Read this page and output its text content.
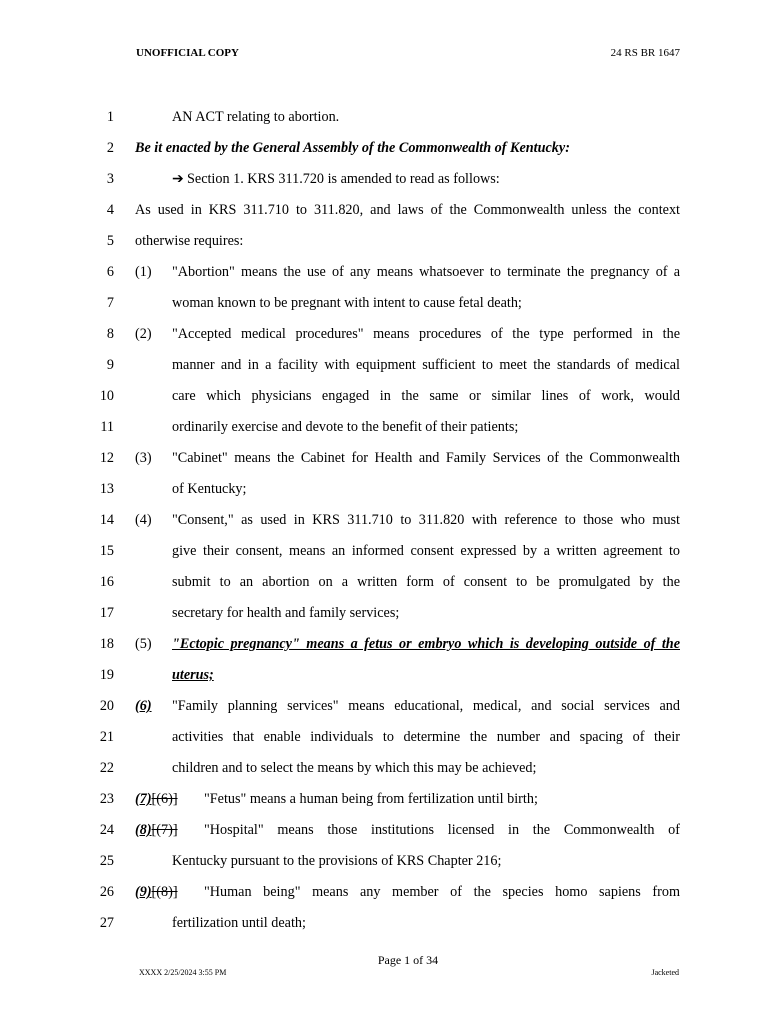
UNOFFICIAL COPY	24 RS BR 1647
1	AN ACT relating to abortion.
2 Be it enacted by the General Assembly of the Commonwealth of Kentucky:
3	➔ Section 1. KRS 311.720 is amended to read as follows:
4 As used in KRS 311.710 to 311.820, and laws of the Commonwealth unless the context
5 otherwise requires:
6 (1) "Abortion" means the use of any means whatsoever to terminate the pregnancy of a
7	woman known to be pregnant with intent to cause fetal death;
8 (2) "Accepted medical procedures" means procedures of the type performed in the
9	manner and in a facility with equipment sufficient to meet the standards of medical
10	care which physicians engaged in the same or similar lines of work, would
11	ordinarily exercise and devote to the benefit of their patients;
12 (3) "Cabinet" means the Cabinet for Health and Family Services of the Commonwealth
13	of Kentucky;
14 (4) "Consent," as used in KRS 311.710 to 311.820 with reference to those who must
15	give their consent, means an informed consent expressed by a written agreement to
16	submit to an abortion on a written form of consent to be promulgated by the
17	secretary for health and family services;
18 (5) "Ectopic pregnancy" means a fetus or embryo which is developing outside of the
19	uterus;
20 (6) "Family planning services" means educational, medical, and social services and
21	activities that enable individuals to determine the number and spacing of their
22	children and to select the means by which this may be achieved;
23 (7)[(6)] "Fetus" means a human being from fertilization until birth;
24 (8)[(7)] "Hospital" means those institutions licensed in the Commonwealth of
25	Kentucky pursuant to the provisions of KRS Chapter 216;
26 (9)[(8)] "Human being" means any member of the species homo sapiens from
27	fertilization until death;
Page 1 of 34
XXXX 2/25/2024 3:55 PM	Jacketed
